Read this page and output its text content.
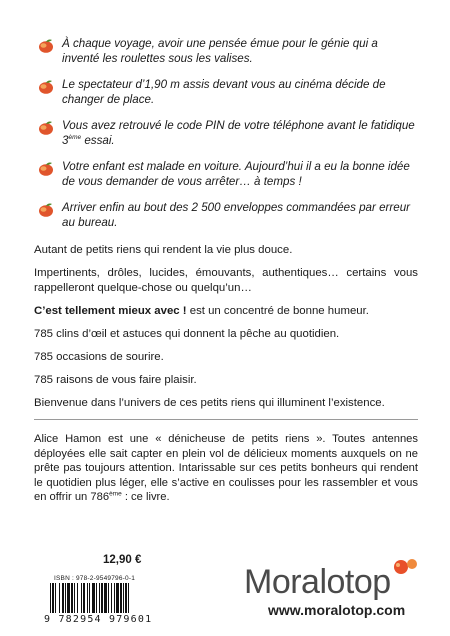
À chaque voyage, avoir une pensée émue pour le génie qui a inventé les roulettes sous les valises.
Le spectateur d’1,90 m assis devant vous au cinéma décide de changer de place.
Vous avez retrouvé le code PIN de votre téléphone avant le fatidique 3ème essai.
Votre enfant est malade en voiture. Aujourd’hui il a eu la bonne idée de vous demander de vous arrêter… à temps !
Arriver enfin au bout des 2 500 enveloppes commandées par erreur au bureau.

Autant de petits riens qui rendent la vie plus douce.

Impertinents, drôles, lucides, émouvants, authentiques… certains vous rappelleront quelque-chose ou quelqu’un…

C’est tellement mieux avec ! est un concentré de bonne humeur.

785 clins d’œil et astuces qui donnent la pêche au quotidien.

785 occasions de sourire.

785 raisons de vous faire plaisir.

Bienvenue dans l’univers de ces petits riens qui illuminent l’existence.

Alice Hamon est une « dénicheuse de petits riens ». Toutes antennes déployées elle sait capter en plein vol de délicieux moments auxquels on ne prête pas toujours attention. Intarissable sur ces petits bonheurs qui rendent le quotidien plus léger, elle s’active en coulisses pour les rassembler et vous en offrir un 786ème : ce livre.
12,90 €
ISBN : 978-2-9549796-0-1
9 782954 979601
Moralotop
www.moralotop.com
